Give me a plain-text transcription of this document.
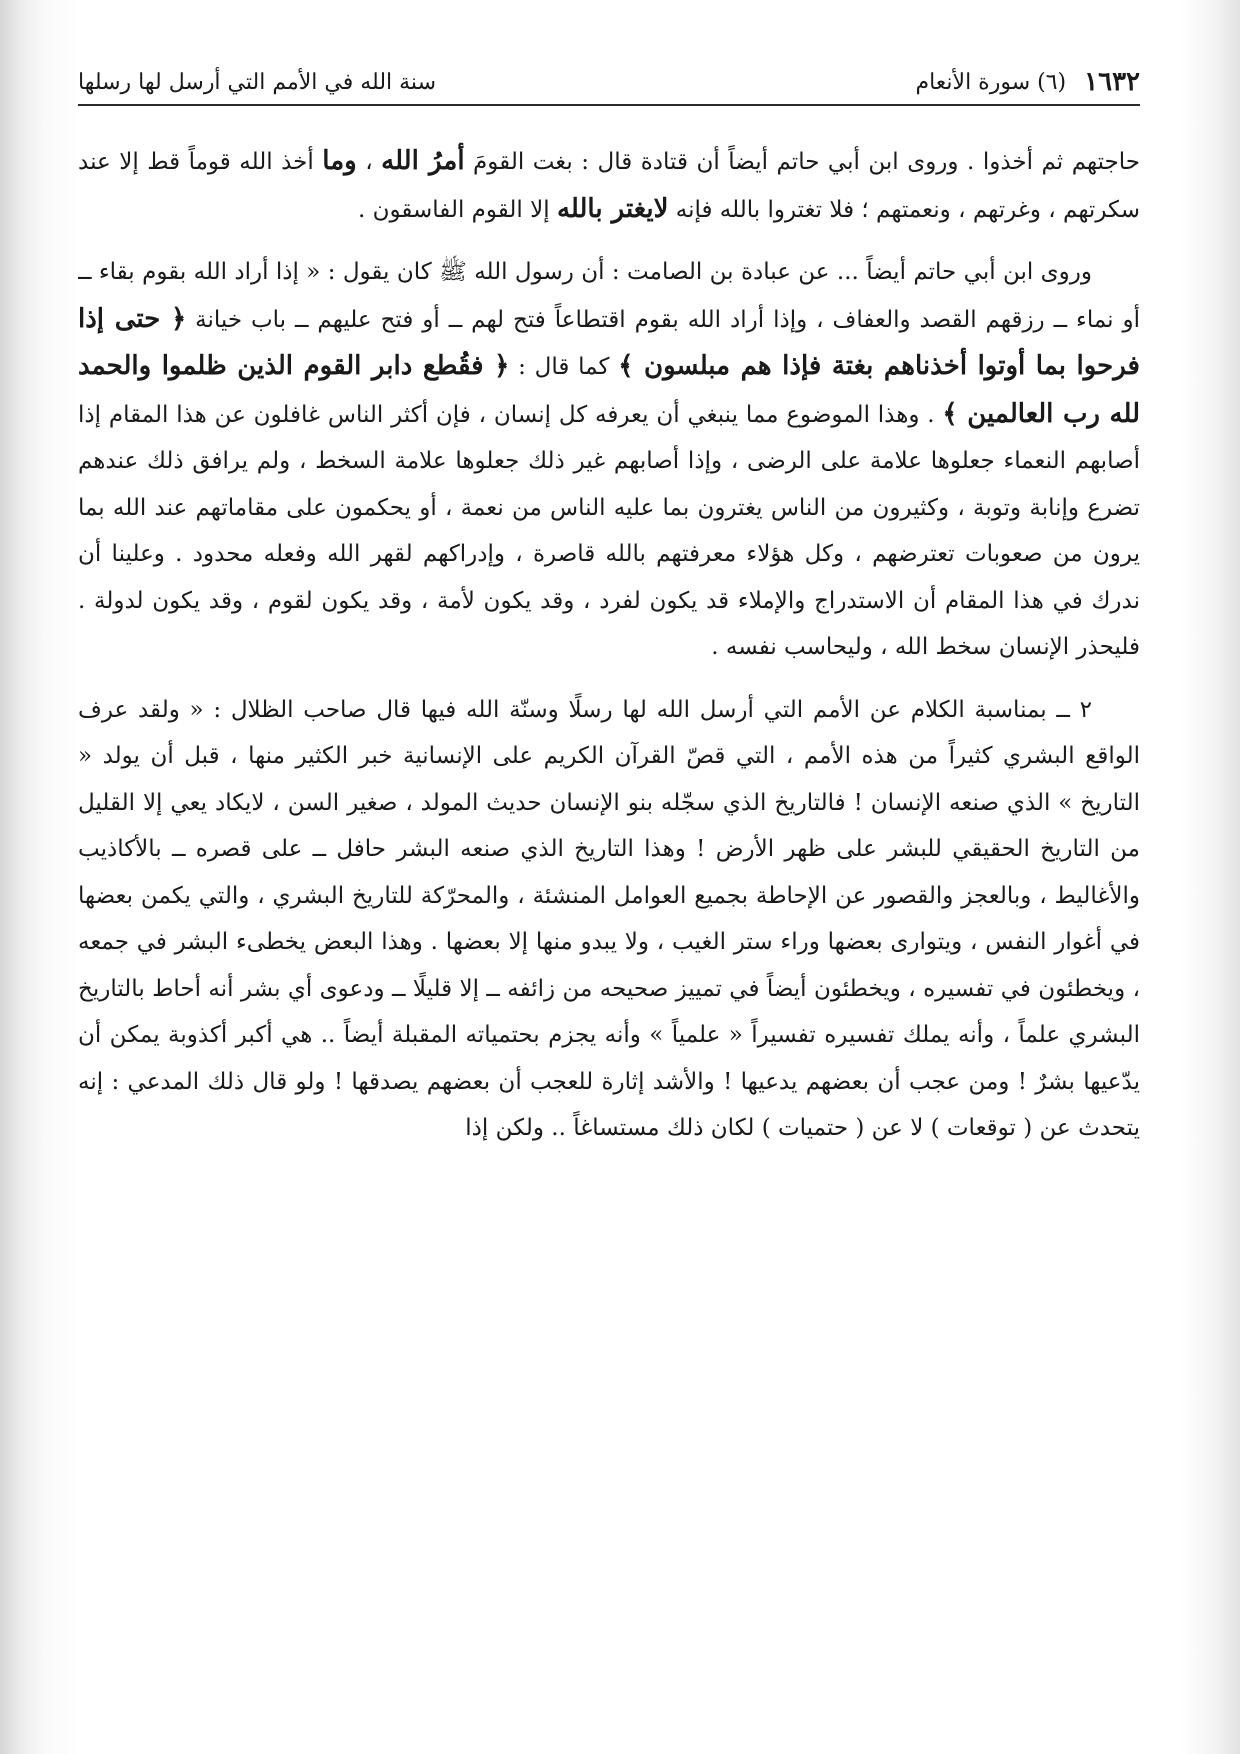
١٦٣٢
(٦) سورة الأنعام
سنة الله في الأمم التي أرسل لها رسلها

حاجتهم ثم أخذوا . وروى ابن أبي حاتم أيضاً أن قتادة قال : بغت القومَ أمرُ الله ، وما أخذ الله قوماً قط إلا عند سكرتهم ، وغرتهم ، ونعمتهم ؛ فلا تغتروا بالله فإنه لايغتر بالله إلا القوم الفاسقون .

وروى ابن أبي حاتم أيضاً ... عن عبادة بن الصامت : أن رسول الله ﷺ كان يقول : « إذا أراد الله بقوم بقاء ــ أو نماء ــ رزقهم القصد والعفاف ، وإذا أراد الله بقوم اقتطاعاً فتح لهم ــ أو فتح عليهم ــ باب خيانة ﴿ حتى إذا فرحوا بما أوتوا أخذناهم بغتة فإذا هم مبلسون ﴾ كما قال : ﴿ فقُطع دابر القوم الذين ظلموا والحمد لله رب العالمين ﴾ . وهذا الموضوع مما ينبغي أن يعرفه كل إنسان ، فإن أكثر الناس غافلون عن هذا المقام إذا أصابهم النعماء جعلوها علامة على الرضى ، وإذا أصابهم غير ذلك جعلوها علامة السخط ، ولم يرافق ذلك عندهم تضرع وإنابة وتوبة ، وكثيرون من الناس يغترون بما عليه الناس من نعمة ، أو يحكمون على مقاماتهم عند الله بما يرون من صعوبات تعترضهم ، وكل هؤلاء معرفتهم بالله قاصرة ، وإدراكهم لقهر الله وفعله محدود . وعلينا أن ندرك في هذا المقام أن الاستدراج والإملاء قد يكون لفرد ، وقد يكون لأمة ، وقد يكون لقوم ، وقد يكون لدولة . فليحذر الإنسان سخط الله ، وليحاسب نفسه .

٢ ــ بمناسبة الكلام عن الأمم التي أرسل الله لها رسلًا وسنّة الله فيها قال صاحب الظلال : « ولقد عرف الواقع البشري كثيراً من هذه الأمم ، التي قصّ القرآن الكريم على الإنسانية خبر الكثير منها ، قبل أن يولد « التاريخ » الذي صنعه الإنسان ! فالتاريخ الذي سجّله بنو الإنسان حديث المولد ، صغير السن ، لايكاد يعي إلا القليل من التاريخ الحقيقي للبشر على ظهر الأرض ! وهذا التاريخ الذي صنعه البشر حافل ــ على قصره ــ بالأكاذيب والأغاليط ، وبالعجز والقصور عن الإحاطة بجميع العوامل المنشئة ، والمحرّكة للتاريخ البشري ، والتي يكمن بعضها في أغوار النفس ، ويتوارى بعضها وراء ستر الغيب ، ولا يبدو منها إلا بعضها . وهذا البعض يخطىء البشر في جمعه ، ويخطئون في تفسيره ، ويخطئون أيضاً في تمييز صحيحه من زائفه ــ إلا قليلًا ــ ودعوى أي بشر أنه أحاط بالتاريخ البشري علماً ، وأنه يملك تفسيره تفسيراً « علمياً » وأنه يجزم بحتمياته المقبلة أيضاً .. هي أكبر أكذوبة يمكن أن يدّعيها بشرٌ ! ومن عجب أن بعضهم يدعيها ! والأشد إثارة للعجب أن بعضهم يصدقها ! ولو قال ذلك المدعي : إنه يتحدث عن ( توقعات ) لا عن ( حتميات ) لكان ذلك مستساغاً .. ولكن إذا
